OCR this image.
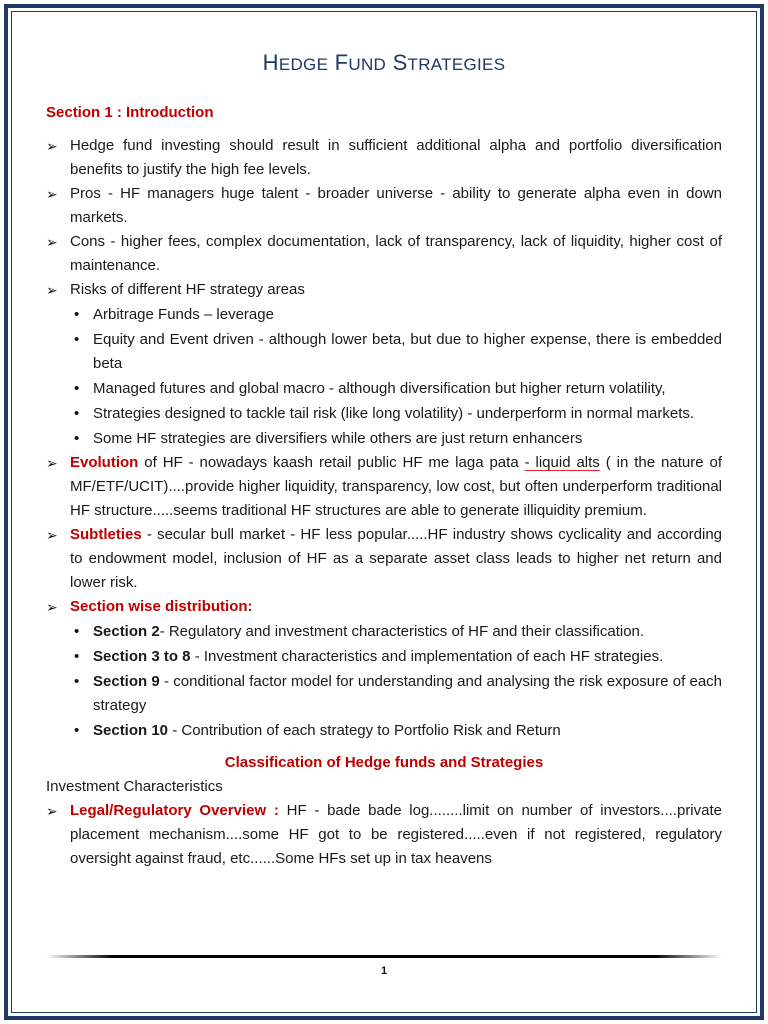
HEDGE FUND STRATEGIES
Section 1 : Introduction
➢ Hedge fund investing should result in sufficient additional alpha and portfolio diversification benefits to justify the high fee levels.
➢ Pros - HF managers huge talent - broader universe - ability to generate alpha even in down markets.
➢ Cons - higher fees, complex documentation, lack of transparency, lack of liquidity, higher cost of maintenance.
➢ Risks of different HF strategy areas
• Arbitrage Funds – leverage
• Equity and Event driven - although lower beta, but due to higher expense, there is embedded beta
• Managed futures and global macro - although diversification but higher return volatility,
• Strategies designed to tackle tail risk (like long volatility) - underperform in normal markets.
• Some HF strategies are diversifiers while others are just return enhancers
➢ Evolution of HF - nowadays kaash retail public HF me laga pata - liquid alts ( in the nature of MF/ETF/UCIT)....provide higher liquidity, transparency, low cost, but often underperform traditional HF structure.....seems traditional HF structures are able to generate illiquidity premium.
➢ Subtleties - secular bull market - HF less popular.....HF industry shows cyclicality and according to endowment model, inclusion of HF as a separate asset class leads to higher net return and lower risk.
➢ Section wise distribution:
• Section 2- Regulatory and investment characteristics of HF and their classification.
• Section 3 to 8 - Investment characteristics and implementation of each HF strategies.
• Section 9 - conditional factor model for understanding and analysing the risk exposure of each strategy
• Section 10 - Contribution of each strategy to Portfolio Risk and Return
Classification of Hedge funds and Strategies
Investment Characteristics
➢ Legal/Regulatory Overview : HF - bade bade log........limit on number of investors....private placement mechanism....some HF got to be registered.....even if not registered, regulatory oversight against fraud, etc......Some HFs set up in tax heavens
1
